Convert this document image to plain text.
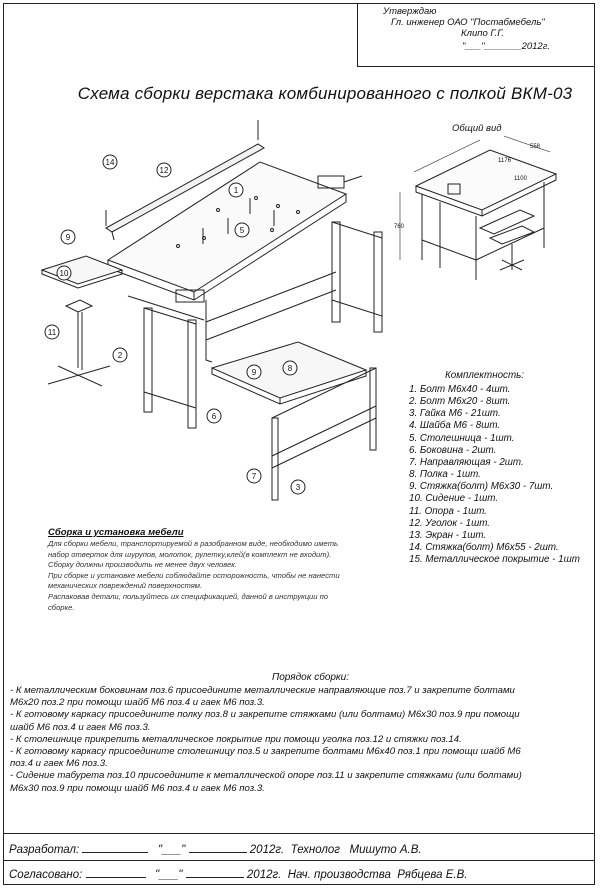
Утверждаю
Гл. инженер ОАО "Постабмебель"
Клипо Г.Г.
"___"_______2012г.
Схема сборки верстака комбинированного с полкой ВКМ-03
Общий вид
14
12
1
5
9
10
11
2
6
7
3
8
9
1176
1100
558
760
Комплектность:
1. Болт М6х40 - 4шт.
2. Болт М6х20 - 8шт.
3. Гайка М6 - 21шт.
4. Шайба М6 - 8шт.
5. Столешница - 1шт.
6. Боковина - 2шт.
7. Направляющая - 2шт.
8. Полка - 1шт.
9. Стяжка(болт) М6х30 - 7шт.
10. Сидение - 1шт.
11. Опора - 1шт.
12. Уголок - 1шт.
13. Экран - 1шт.
14. Стяжка(болт) М6х55 - 2шт.
15. Металлическое покрытие - 1шт
Сборка и установка мебели

Для сборки мебели, транспортируемой в разобранном виде, необходимо иметь набор отверток для шурупов, молоток, рулетку,клей(в комплект не входит).

Сборку должны производить не менее двух человек.

При сборке и установке мебели соблюдайте осторожность, чтобы не нанести механических повреждений поверхностям.

Распаковав детали, пользуйтесь их спецификацией, данной в инструкции по сборке.

Порядок сборки:
- К металлическим боковинам поз.6 присоедините металлические направляющие поз.7 и закрепите болтами М6х20 поз.2 при помощи шайб М6 поз.4 и гаек М6 поз.3.
- К готовому каркасу присоедините полку поз.8 и закрепите стяжками (или болтами) М6х30 поз.9 при помощи шайб М6 поз.4 и гаек М6 поз.3.
- К столешнице прикрепить металлическое покрытие при помощи уголка поз.12 и стяжки поз.14.
- К готовому каркасу присоедините столешницу поз.5 и закрепите болтами М6х40 поз.1 при помощи шайб М6 поз.4 и гаек М6 поз.3.
- Сидение табурета поз.10 присоедините к металлической опоре поз.11 и закрепите стяжками (или болтами) М6х30 поз.9 при помощи шайб М6 поз.4 и гаек М6 поз.3.
Разработал:	"___"	2012г. Технолог Мишуто А.В.
Согласовано:	"___"	2012г. Нач. производства Рябцева Е.В.
